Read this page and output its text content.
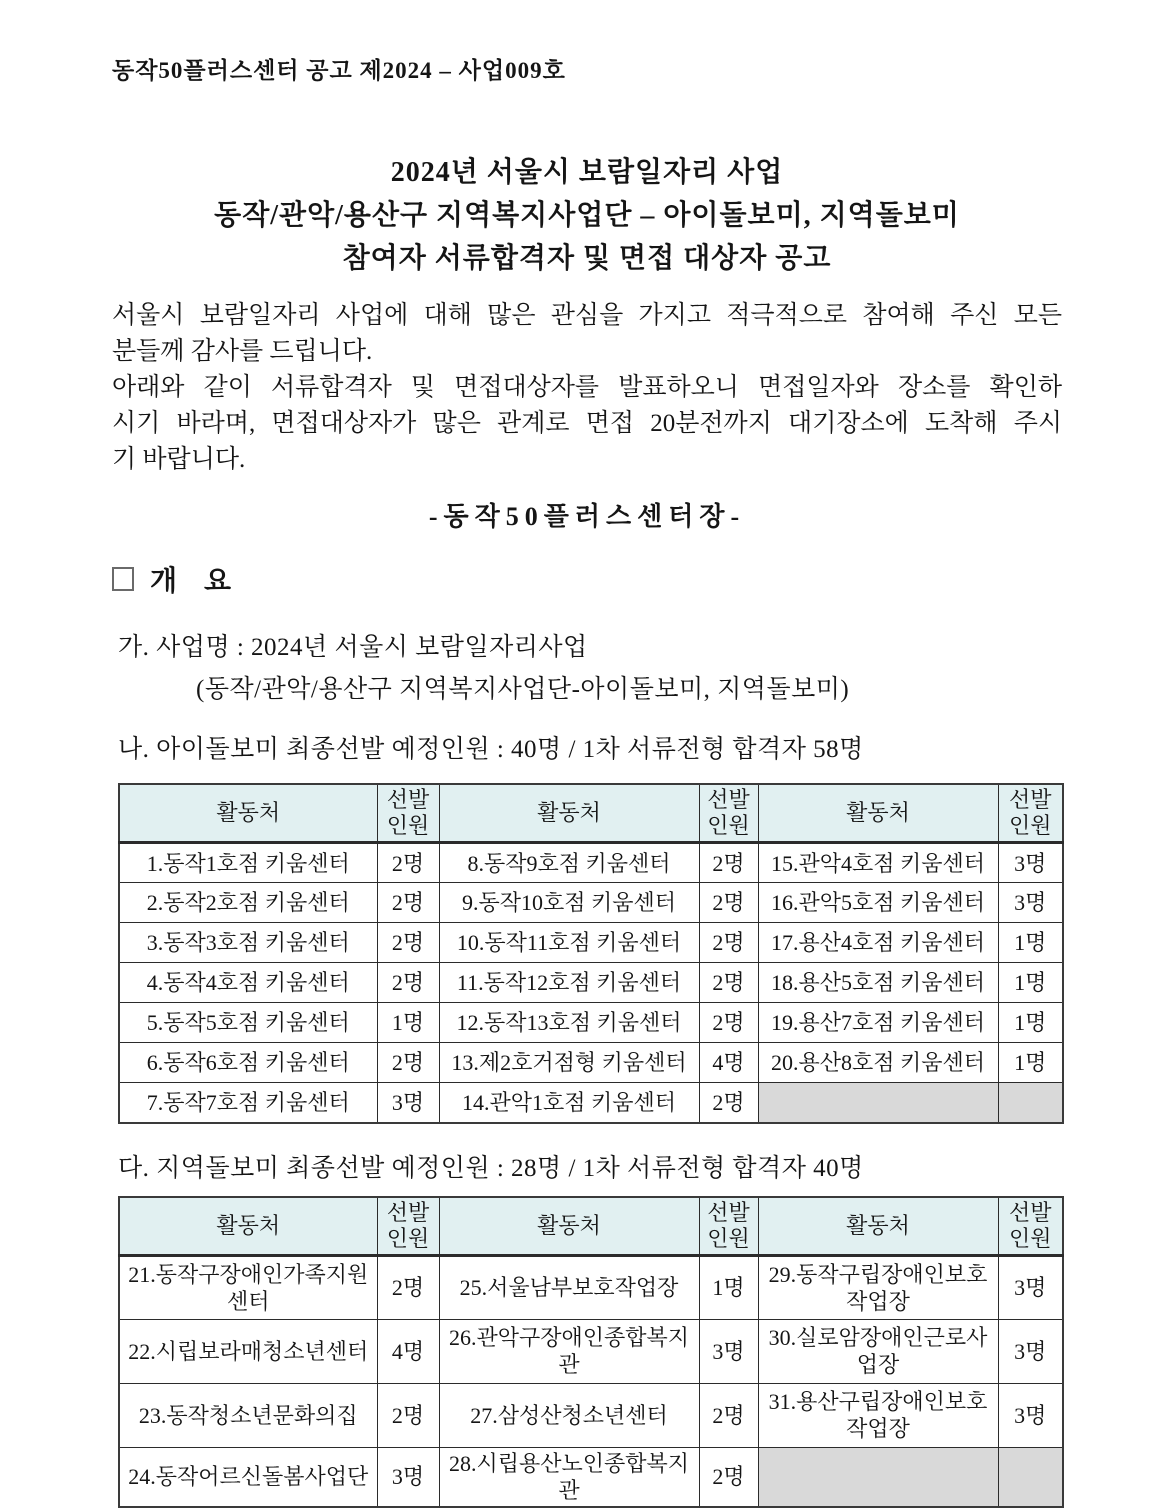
동작50플러스센터 공고 제2024 – 사업009호
2024년 서울시 보람일자리 사업
동작/관악/용산구 지역복지사업단 – 아이돌보미, 지역돌보미
참여자 서류합격자 및 면접 대상자 공고
서울시 보람일자리 사업에 대해 많은 관심을 가지고 적극적으로 참여해 주신 모든
분들께 감사를 드립니다.
아래와 같이 서류합격자 및 면접대상자를 발표하오니 면접일자와 장소를 확인하
시기 바라며, 면접대상자가 많은 관계로 면접 20분전까지 대기장소에 도착해 주시
기 바랍니다.
-동작50플러스센터장-
개 요
가. 사업명 : 2024년 서울시 보람일자리사업
(동작/관악/용산구 지역복지사업단-아이돌보미, 지역돌보미)
나. 아이돌보미 최종선발 예정인원 : 40명 / 1차 서류전형 합격자 58명
활동처	선발인원	활동처	선발인원	활동처	선발인원
1.동작1호점 키움센터	2명	8.동작9호점 키움센터	2명	15.관악4호점 키움센터	3명
2.동작2호점 키움센터	2명	9.동작10호점 키움센터	2명	16.관악5호점 키움센터	3명
3.동작3호점 키움센터	2명	10.동작11호점 키움센터	2명	17.용산4호점 키움센터	1명
4.동작4호점 키움센터	2명	11.동작12호점 키움센터	2명	18.용산5호점 키움센터	1명
5.동작5호점 키움센터	1명	12.동작13호점 키움센터	2명	19.용산7호점 키움센터	1명
6.동작6호점 키움센터	2명	13.제2호거점형 키움센터	4명	20.용산8호점 키움센터	1명
7.동작7호점 키움센터	3명	14.관악1호점 키움센터	2명		
다. 지역돌보미 최종선발 예정인원 : 28명 / 1차 서류전형 합격자 40명
활동처	선발인원	활동처	선발인원	활동처	선발인원
21.동작구장애인가족지원센터	2명	25.서울남부보호작업장	1명	29.동작구립장애인보호작업장	3명
22.시립보라매청소년센터	4명	26.관악구장애인종합복지관	3명	30.실로암장애인근로사업장	3명
23.동작청소년문화의집	2명	27.삼성산청소년센터	2명	31.용산구립장애인보호작업장	3명
24.동작어르신돌봄사업단	3명	28.시립용산노인종합복지관	2명		
